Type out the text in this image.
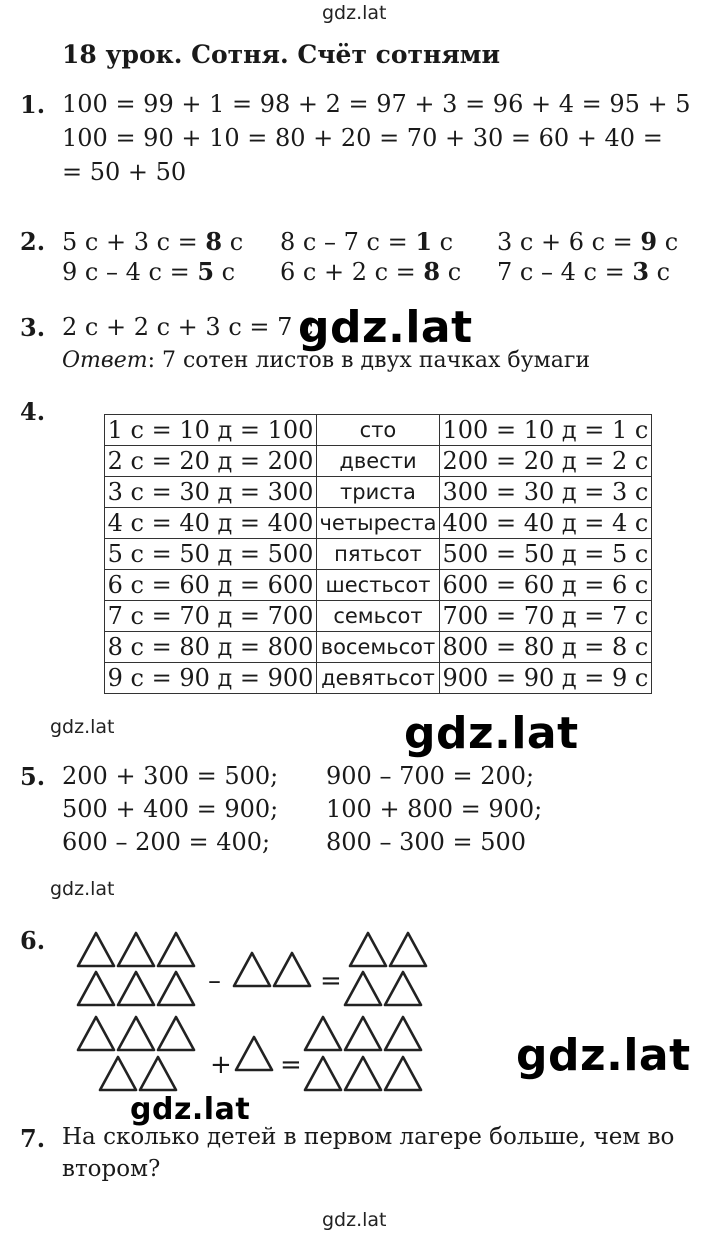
gdz.lat
18 урок. Сотня. Счёт сотнями
1. 100 = 99 + 1 = 98 + 2 = 97 + 3 = 96 + 4 = 95 + 5
100 = 90 + 10 = 80 + 20 = 70 + 30 = 60 + 40 =
= 50 + 50
2. 5 с + 3 с = 8 с 8 с – 7 с = 1 с 3 с + 6 с = 9 с
9 с – 4 с = 5 с 6 с + 2 с = 8 с 7 с – 4 с = 3 с
3. 2 с + 2 с + 3 с = 7 с
Ответ: 7 сотен листов в двух пачках бумаги
gdz.lat
4.
1 с = 10 д = 100	сто	100 = 10 д = 1 с
2 с = 20 д = 200	двести	200 = 20 д = 2 с
3 с = 30 д = 300	триста	300 = 30 д = 3 с
4 с = 40 д = 400	четыреста	400 = 40 д = 4 с
5 с = 50 д = 500	пятьсот	500 = 50 д = 5 с
6 с = 60 д = 600	шестьсот	600 = 60 д = 6 с
7 с = 70 д = 700	семьсот	700 = 70 д = 7 с
8 с = 80 д = 800	восемьсот	800 = 80 д = 8 с
9 с = 90 д = 900	девятьсот	900 = 90 д = 9 с
gdz.lat	gdz.lat
5. 200 + 300 = 500;
500 + 400 = 900;
600 – 200 = 400;
900 – 700 = 200;
100 + 800 = 900;
800 – 300 = 500
gdz.lat
6.
–	=
+ =	gdz.lat
gdz.lat
7. На сколько детей в первом лагере больше, чем во
втором?
gdz.lat
